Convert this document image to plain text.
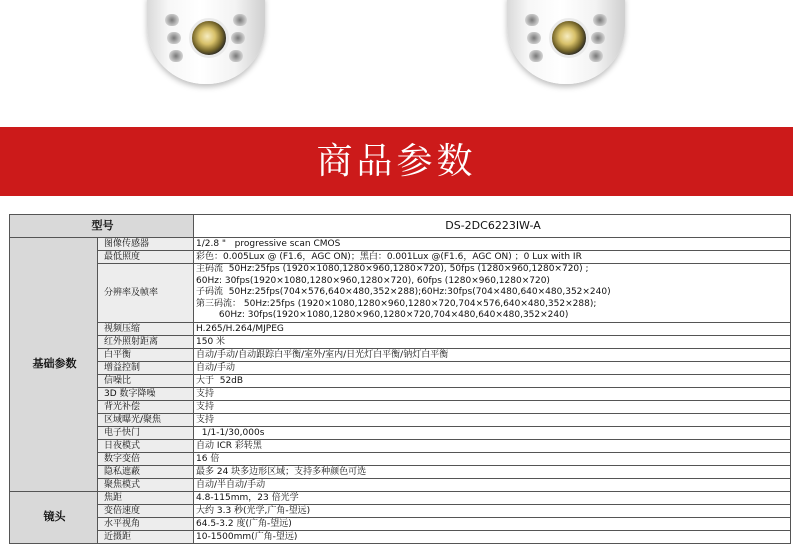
商品参数
型号		DS-2DC6223IW-A
基础参数	图像传感器	1/2.8 "   progressive scan CMOS

	最低照度	彩色：0.005Lux @ (F1.6，AGC ON)；黑白：0.001Lux @(F1.6，AGC ON) ；0 Lux with IR

	分辨率及帧率	主码流  50Hz:25fps (1920×1080,1280×960,1280×720), 50fps (1280×960,1280×720) ;
60Hz: 30fps(1920×1080,1280×960,1280×720), 60fps (1280×960,1280×720)
子码流  50Hz:25fps(704×576,640×480,352×288);60Hz:30fps(704×480,640×480,352×240)
第三码流： 50Hz:25fps (1920×1080,1280×960,1280×720,704×576,640×480,352×288);
60Hz: 30fps(1920×1080,1280×960,1280×720,704×480,640×480,352×240)

	视频压缩	H.265/H.264/MJPEG

	红外照射距离	150 米

	白平衡	自动/手动/自动跟踪白平衡/室外/室内/日光灯白平衡/钠灯白平衡

	增益控制	自动/手动

	信噪比	大于  52dB

	3D 数字降噪	支持

	背光补偿	支持

	区域曝光/聚焦	支持

	电子快门	1/1-1/30,000s

	日夜模式	自动 ICR 彩转黑

	数字变倍	16 倍

	隐私遮蔽	最多 24 块多边形区域；支持多种颜色可选

	聚焦模式	自动/半自动/手动

镜头	焦距	4.8-115mm，23 倍光学

	变倍速度	大约 3.3 秒(光学,广角-望远)

	水平视角	64.5-3.2 度(广角-望远)

	近摄距	10-1500mm(广角-望远)
